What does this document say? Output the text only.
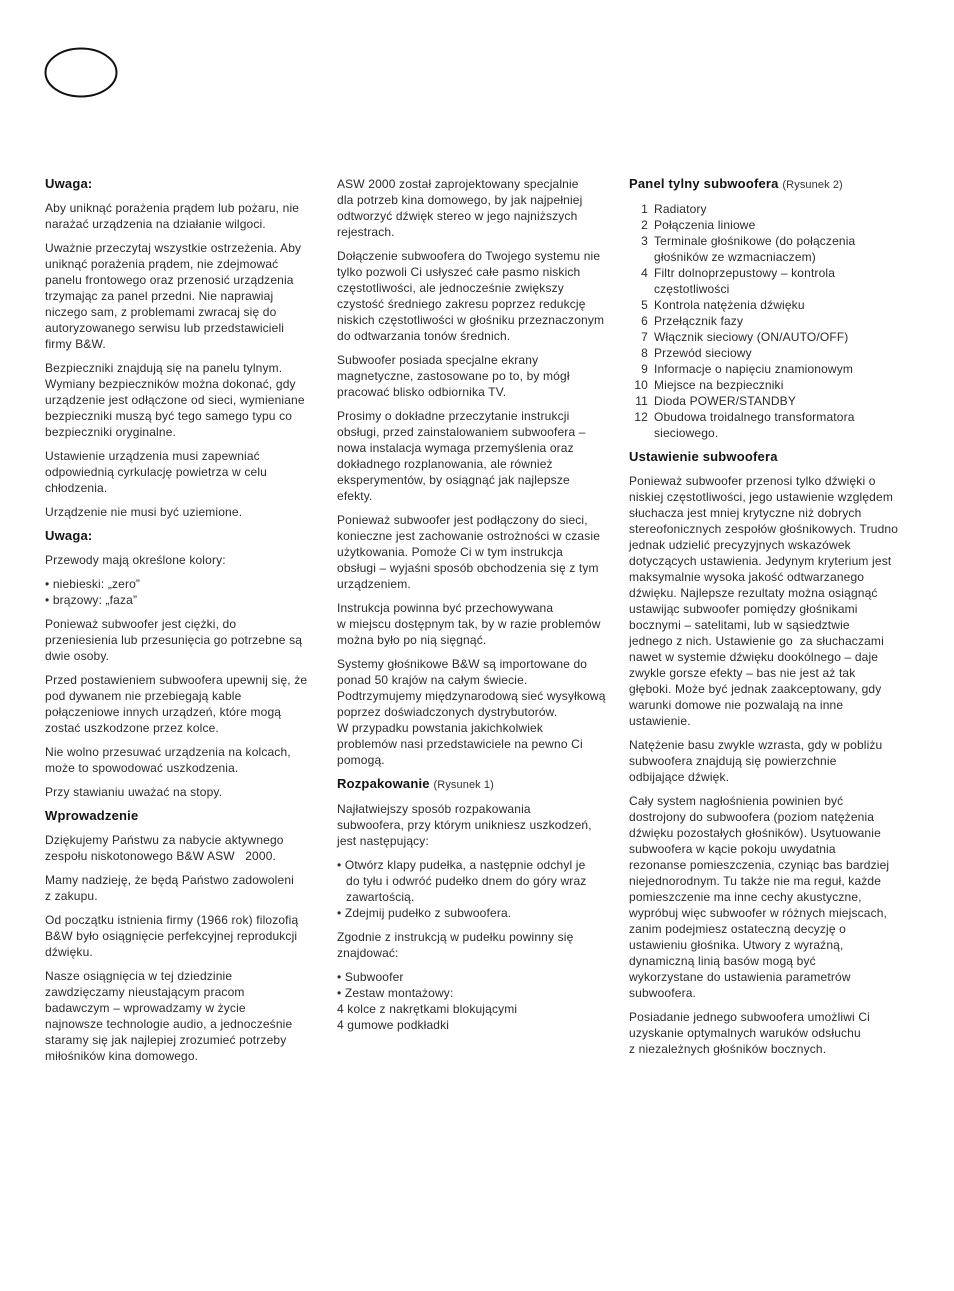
Uwaga:

Aby uniknąć porażenia prądem lub pożaru, nie
narażać urządzenia na działanie wilgoci.

Uważnie przeczytaj wszystkie ostrzeżenia. Aby
uniknąć porażenia prądem, nie zdejmować
panelu frontowego oraz przenosić urządzenia
trzymając za panel przedni. Nie naprawiaj
niczego sam, z problemami zwracaj się do
autoryzowanego serwisu lub przedstawicieli
firmy B&W.

Bezpieczniki znajdują się na panelu tylnym.
Wymiany bezpieczników można dokonać, gdy
urządzenie jest odłączone od sieci, wymieniane
bezpieczniki muszą być tego samego typu co
bezpieczniki oryginalne.

Ustawienie urządzenia musi zapewniać
odpowiednią cyrkulację powietrza w celu
chłodzenia.

Urządzenie nie musi być uziemione.

Uwaga:

Przewody mają określone kolory:

• niebieski: „zero”
• brązowy: „faza”

Ponieważ subwoofer jest ciężki, do
przeniesienia lub przesunięcia go potrzebne są
dwie osoby.

Przed postawieniem subwoofera upewnij się, że
pod dywanem nie przebiegają kable
połączeniowe innych urządzeń, które mogą
zostać uszkodzone przez kolce.

Nie wolno przesuwać urządzenia na kolcach,
może to spowodować uszkodzenia.

Przy stawianiu uważać na stopy.

Wprowadzenie

Dziękujemy Państwu za nabycie aktywnego
zespołu niskotonowego B&W ASW   2000.

Mamy nadzieję, że będą Państwo zadowoleni
z zakupu.

Od początku istnienia firmy (1966 rok) filozofią
B&W było osiągnięcie perfekcyjnej reprodukcji
dźwięku.

Nasze osiągnięcia w tej dziedzinie
zawdzięczamy nieustającym pracom
badawczym – wprowadzamy w życie
najnowsze technologie audio, a jednocześnie
staramy się jak najlepiej zrozumieć potrzeby
miłośników kina domowego.

ASW 2000 został zaprojektowany specjalnie
dla potrzeb kina domowego, by jak najpełniej
odtworzyć dźwięk stereo w jego najniższych
rejestrach.

Dołączenie subwoofera do Twojego systemu nie
tylko pozwoli Ci usłyszeć całe pasmo niskich
częstotliwości, ale jednocześnie zwiększy
czystość średniego zakresu poprzez redukcję
niskich częstotliwości w głośniku przeznaczonym
do odtwarzania tonów średnich.

Subwoofer posiada specjalne ekrany
magnetyczne, zastosowane po to, by mógł
pracować blisko odbiornika TV.

Prosimy o dokładne przeczytanie instrukcji
obsługi, przed zainstalowaniem subwoofera –
nowa instalacja wymaga przemyślenia oraz
dokładnego rozplanowania, ale również
eksperymentów, by osiągnąć jak najlepsze
efekty.

Ponieważ subwoofer jest podłączony do sieci,
konieczne jest zachowanie ostrożności w czasie
użytkowania. Pomoże Ci w tym instrukcja
obsługi – wyjaśni sposób obchodzenia się z tym
urządzeniem.

Instrukcja powinna być przechowywana
w miejscu dostępnym tak, by w razie problemów
można było po nią sięgnąć.

Systemy głośnikowe B&W są importowane do
ponad 50 krajów na całym świecie.
Podtrzymujemy międzynarodową sieć wysyłkową
poprzez doświadczonych dystrybutorów.
W przypadku powstania jakichkolwiek
problemów nasi przedstawiciele na pewno Ci
pomogą.

Rozpakowanie (Rysunek 1)

Najłatwiejszy sposób rozpakowania
subwoofera, przy którym unikniesz uszkodzeń,
jest następujący:

• Otwórz klapy pudełka, a następnie odchyl je
do tyłu i odwróć pudełko dnem do góry wraz
zawartością.
• Zdejmij pudełko z subwoofera.

Zgodnie z instrukcją w pudełku powinny się
znajdować:

• Subwoofer
• Zestaw montażowy:
4 kolce z nakrętkami blokującymi
4 gumowe podkładki
Panel tylny subwoofera (Rysunek 2)
1 Radiatory
2 Połączenia liniowe
3 Terminale głośnikowe (do połączenia
głośników ze wzmacniaczem)
4 Filtr dolnoprzepustowy – kontrola
częstotliwości
5 Kontrola natężenia dźwięku
6 Przełącznik fazy
7 Włącznik sieciowy (ON/AUTO/OFF)
8 Przewód sieciowy
9 Informacje o napięciu znamionowym
10 Miejsce na bezpieczniki
11 Dioda POWER/STANDBY
12 Obudowa troidalnego transformatora
sieciowego.
Ustawienie subwoofera

Ponieważ subwoofer przenosi tylko dźwięki o
niskiej częstotliwości, jego ustawienie względem
słuchacza jest mniej krytyczne niż dobrych
stereofonicznych zespołów głośnikowych. Trudno
jednak udzielić precyzyjnych wskazówek
dotyczących ustawienia. Jedynym kryterium jest
maksymalnie wysoka jakość odtwarzanego
dźwięku. Najlepsze rezultaty można osiągnąć
ustawijąc subwoofer pomiędzy głośnikami
bocznymi – satelitami, lub w sąsiedztwie
jednego z nich. Ustawienie go  za słuchaczami
nawet w systemie dźwięku dookólnego – daje
zwykle gorsze efekty – bas nie jest aż tak
głęboki. Może być jednak zaakceptowany, gdy
warunki domowe nie pozwalają na inne
ustawienie.

Natężenie basu zwykle wzrasta, gdy w pobliżu
subwoofera znajdują się powierzchnie
odbijające dźwięk.

Cały system nagłośnienia powinien być
dostrojony do subwoofera (poziom natężenia
dźwięku pozostałych głośników). Usytuowanie
subwoofera w kącie pokoju uwydatnia
rezonanse pomieszczenia, czyniąc bas bardziej
niejednorodnym. Tu także nie ma reguł, każde
pomieszczenie ma inne cechy akustyczne,
wypróbuj więc subwoofer w różnych miejscach,
zanim podejmiesz ostateczną decyzję o
ustawieniu głośnika. Utwory z wyraźną,
dynamiczną linią basów mogą być
wykorzystane do ustawienia parametrów
subwoofera.

Posiadanie jednego subwoofera umożliwi Ci
uzyskanie optymalnych waruków odsłuchu
z niezależnych głośników bocznych.
